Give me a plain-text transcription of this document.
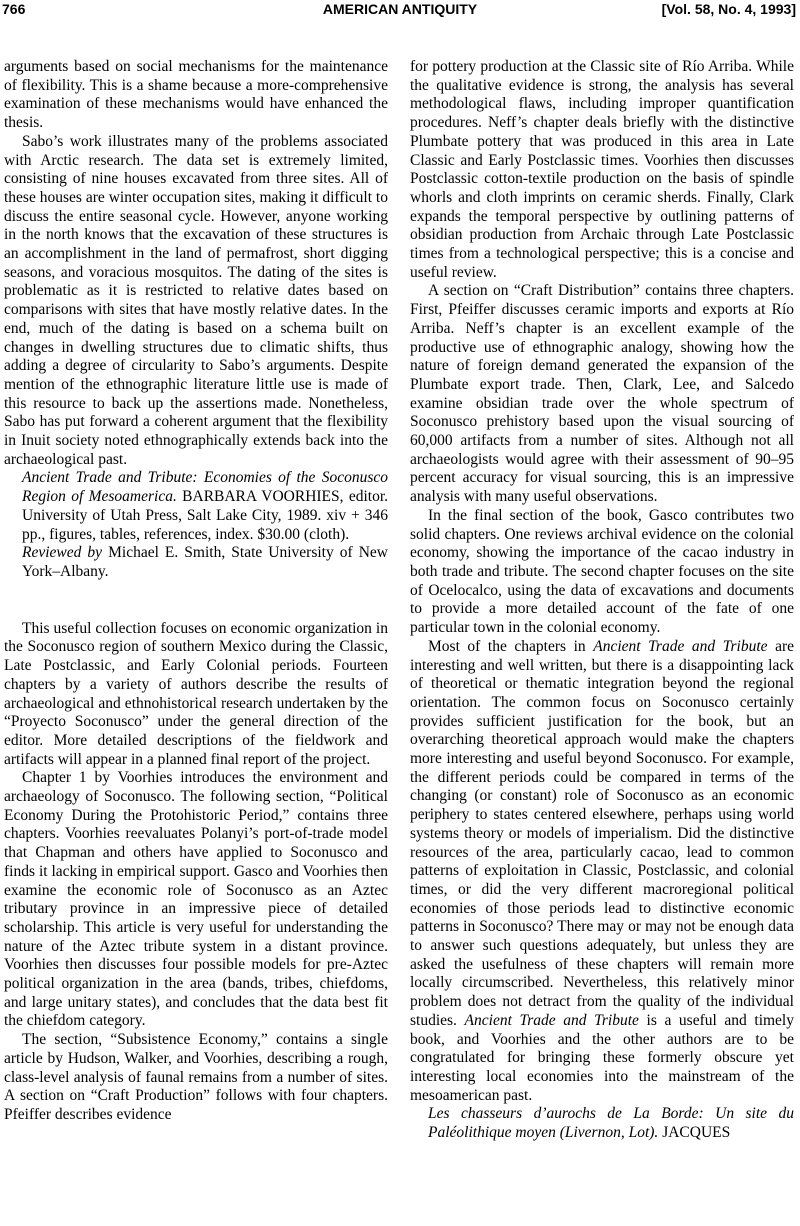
766	AMERICAN ANTIQUITY	[Vol. 58, No. 4, 1993]

arguments based on social mechanisms for the maintenance of flexibility. This is a shame because a more-comprehensive examination of these mechanisms would have enhanced the thesis.

Sabo’s work illustrates many of the problems associated with Arctic research. The data set is extremely limited, consisting of nine houses excavated from three sites. All of these houses are winter occupation sites, making it difficult to discuss the entire seasonal cycle. However, anyone working in the north knows that the excavation of these structures is an accomplishment in the land of permafrost, short digging seasons, and voracious mosquitos. The dating of the sites is problematic as it is restricted to relative dates based on comparisons with sites that have mostly relative dates. In the end, much of the dating is based on a schema built on changes in dwelling structures due to climatic shifts, thus adding a degree of circularity to Sabo’s arguments. Despite mention of the ethnographic literature little use is made of this resource to back up the assertions made. Nonetheless, Sabo has put forward a coherent argument that the flexibility in Inuit society noted ethnographically extends back into the archaeological past.

Ancient Trade and Tribute: Economies of the Soconusco Region of Mesoamerica. BARBARA VOORHIES, editor. University of Utah Press, Salt Lake City, 1989. xiv + 346 pp., figures, tables, references, index. $30.00 (cloth).

Reviewed by Michael E. Smith, State University of New York–Albany.

This useful collection focuses on economic organization in the Soconusco region of southern Mexico during the Classic, Late Postclassic, and Early Colonial periods. Fourteen chapters by a variety of authors describe the results of archaeological and ethnohistorical research undertaken by the “Proyecto Soconusco” under the general direction of the editor. More detailed descriptions of the fieldwork and artifacts will appear in a planned final report of the project.

Chapter 1 by Voorhies introduces the environment and archaeology of Soconusco. The following section, “Political Economy During the Protohistoric Period,” contains three chapters. Voorhies reevaluates Polanyi’s port-of-trade model that Chapman and others have applied to Soconusco and finds it lacking in empirical support. Gasco and Voorhies then examine the economic role of Soconusco as an Aztec tributary province in an impressive piece of detailed scholarship. This article is very useful for understanding the nature of the Aztec tribute system in a distant province. Voorhies then discusses four possible models for pre-Aztec political organization in the area (bands, tribes, chiefdoms, and large unitary states), and concludes that the data best fit the chiefdom category.

The section, “Subsistence Economy,” contains a single article by Hudson, Walker, and Voorhies, describing a rough, class-level analysis of faunal remains from a number of sites. A section on “Craft Production” follows with four chapters. Pfeiffer describes evidence

for pottery production at the Classic site of Río Arriba. While the qualitative evidence is strong, the analysis has several methodological flaws, including improper quantification procedures. Neff’s chapter deals briefly with the distinctive Plumbate pottery that was produced in this area in Late Classic and Early Postclassic times. Voorhies then discusses Postclassic cotton-textile production on the basis of spindle whorls and cloth imprints on ceramic sherds. Finally, Clark expands the temporal perspective by outlining patterns of obsidian production from Archaic through Late Postclassic times from a technological perspective; this is a concise and useful review.

A section on “Craft Distribution” contains three chapters. First, Pfeiffer discusses ceramic imports and exports at Río Arriba. Neff’s chapter is an excellent example of the productive use of ethnographic analogy, showing how the nature of foreign demand generated the expansion of the Plumbate export trade. Then, Clark, Lee, and Salcedo examine obsidian trade over the whole spectrum of Soconusco prehistory based upon the visual sourcing of 60,000 artifacts from a number of sites. Although not all archaeologists would agree with their assessment of 90–95 percent accuracy for visual sourcing, this is an impressive analysis with many useful observations.

In the final section of the book, Gasco contributes two solid chapters. One reviews archival evidence on the colonial economy, showing the importance of the cacao industry in both trade and tribute. The second chapter focuses on the site of Ocelocalco, using the data of excavations and documents to provide a more detailed account of the fate of one particular town in the colonial economy.

Most of the chapters in Ancient Trade and Tribute are interesting and well written, but there is a disappointing lack of theoretical or thematic integration beyond the regional orientation. The common focus on Soconusco certainly provides sufficient justification for the book, but an overarching theoretical approach would make the chapters more interesting and useful beyond Soconusco. For example, the different periods could be compared in terms of the changing (or constant) role of Soconusco as an economic periphery to states centered elsewhere, perhaps using world systems theory or models of imperialism. Did the distinctive resources of the area, particularly cacao, lead to common patterns of exploitation in Classic, Postclassic, and colonial times, or did the very different macroregional political economies of those periods lead to distinctive economic patterns in Soconusco? There may or may not be enough data to answer such questions adequately, but unless they are asked the usefulness of these chapters will remain more locally circumscribed. Nevertheless, this relatively minor problem does not detract from the quality of the individual studies. Ancient Trade and Tribute is a useful and timely book, and Voorhies and the other authors are to be congratulated for bringing these formerly obscure yet interesting local economies into the mainstream of the mesoamerican past.

Les chasseurs d’aurochs de La Borde: Un site du Paléolithique moyen (Livernon, Lot). JACQUES
